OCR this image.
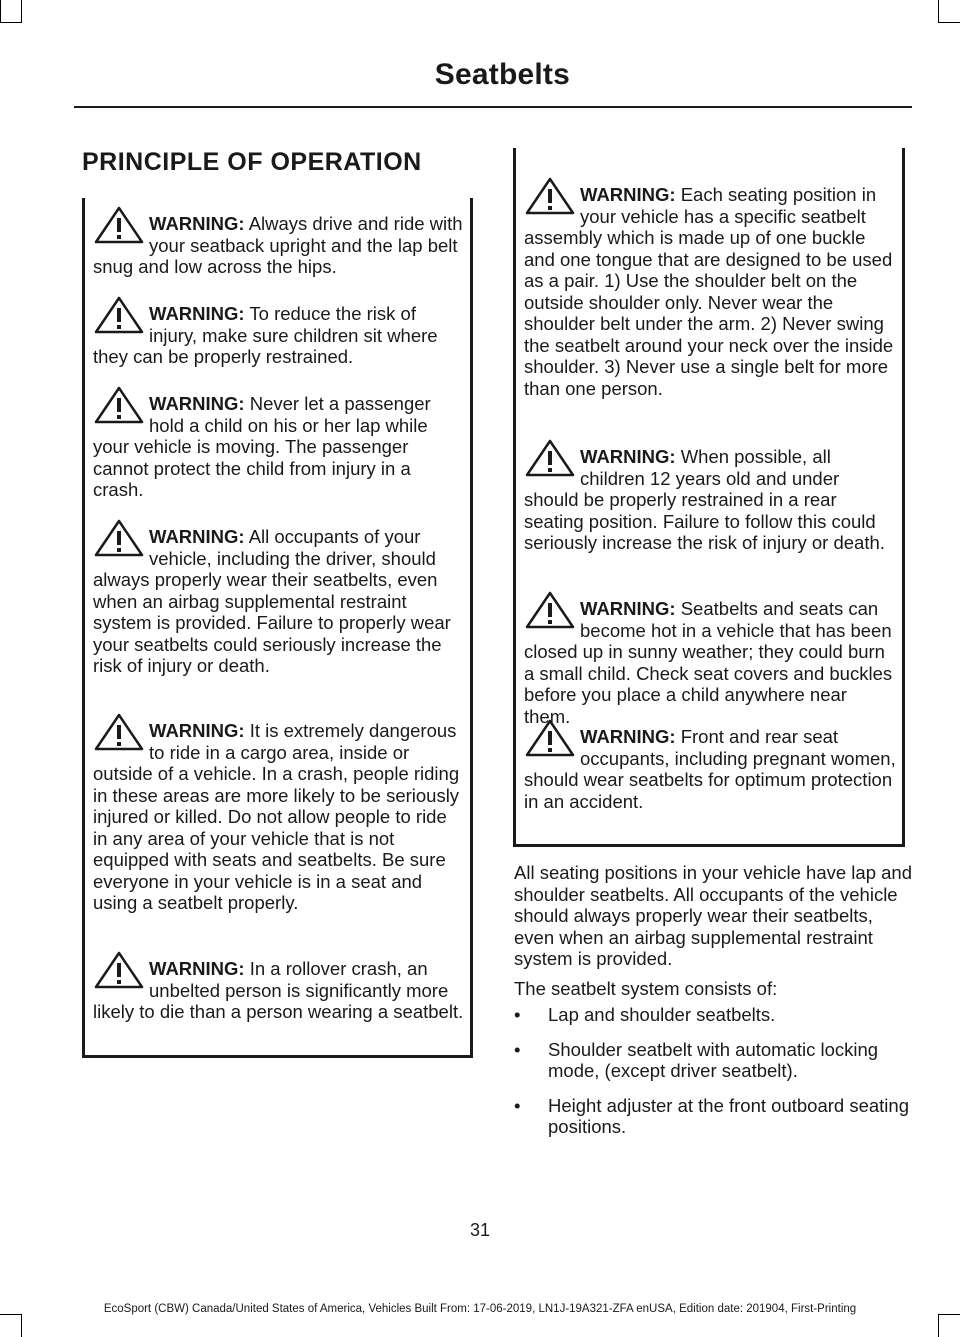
Seatbelts
PRINCIPLE OF OPERATION
WARNING: Always drive and ride with your seatback upright and the lap belt snug and low across the hips.
WARNING: To reduce the risk of injury, make sure children sit where they can be properly restrained.
WARNING: Never let a passenger hold a child on his or her lap while your vehicle is moving. The passenger cannot protect the child from injury in a crash.
WARNING: All occupants of your vehicle, including the driver, should always properly wear their seatbelts, even when an airbag supplemental restraint system is provided. Failure to properly wear your seatbelts could seriously increase the risk of injury or death.
WARNING: It is extremely dangerous to ride in a cargo area, inside or outside of a vehicle. In a crash, people riding in these areas are more likely to be seriously injured or killed. Do not allow people to ride in any area of your vehicle that is not equipped with seats and seatbelts. Be sure everyone in your vehicle is in a seat and using a seatbelt properly.
WARNING: In a rollover crash, an unbelted person is significantly more likely to die than a person wearing a seatbelt.
WARNING: Each seating position in your vehicle has a specific seatbelt assembly which is made up of one buckle and one tongue that are designed to be used as a pair. 1) Use the shoulder belt on the outside shoulder only. Never wear the shoulder belt under the arm. 2) Never swing the seatbelt around your neck over the inside shoulder. 3) Never use a single belt for more than one person.
WARNING: When possible, all children 12 years old and under should be properly restrained in a rear seating position. Failure to follow this could seriously increase the risk of injury or death.
WARNING: Seatbelts and seats can become hot in a vehicle that has been closed up in sunny weather; they could burn a small child. Check seat covers and buckles before you place a child anywhere near them.
WARNING: Front and rear seat occupants, including pregnant women, should wear seatbelts for optimum protection in an accident.
All seating positions in your vehicle have lap and shoulder seatbelts. All occupants of the vehicle should always properly wear their seatbelts, even when an airbag supplemental restraint system is provided.
The seatbelt system consists of:
• Lap and shoulder seatbelts.
• Shoulder seatbelt with automatic locking mode, (except driver seatbelt).
• Height adjuster at the front outboard seating positions.
31
EcoSport (CBW) Canada/United States of America, Vehicles Built From: 17-06-2019, LN1J-19A321-ZFA enUSA, Edition date: 201904, First-Printing
